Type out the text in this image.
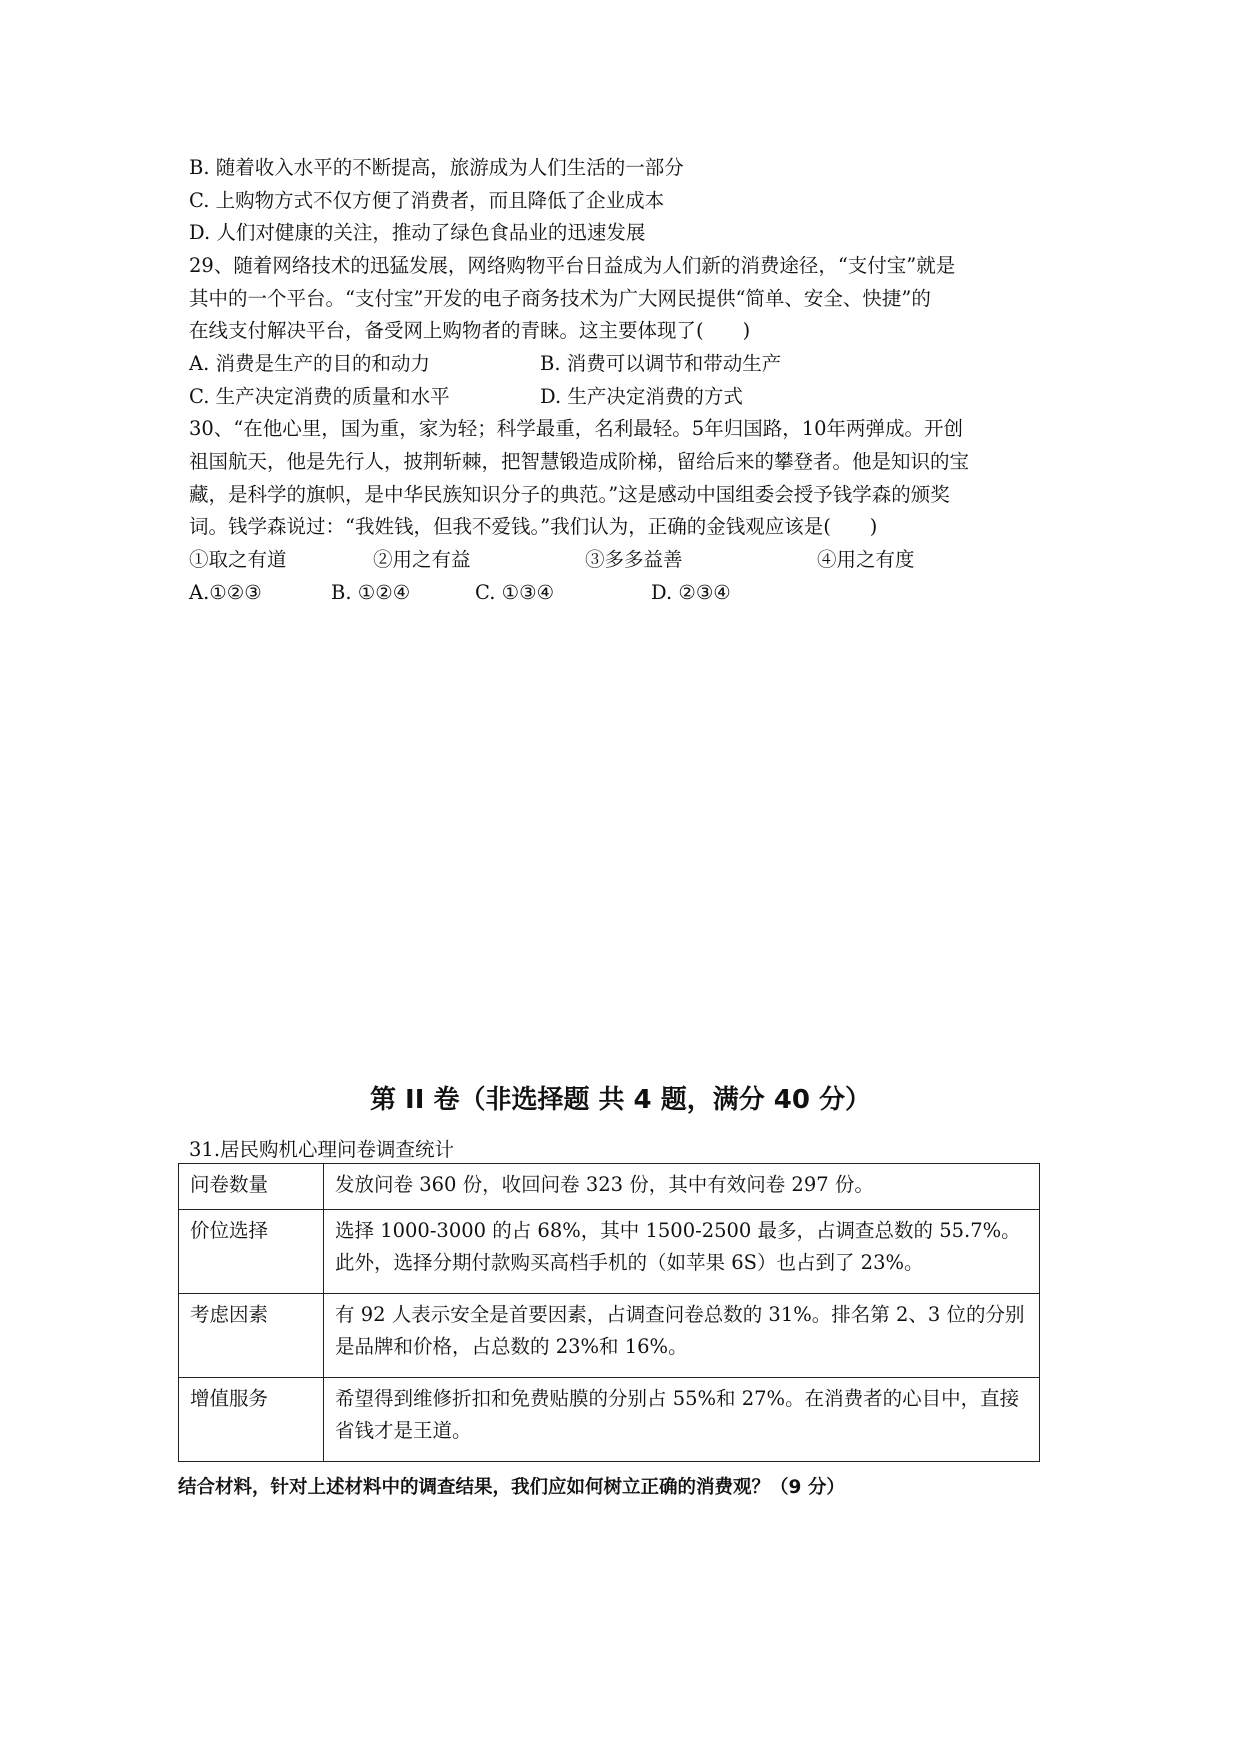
B. 随着收入水平的不断提高，旅游成为人们生活的一部分
C. 上购物方式不仅方便了消费者，而且降低了企业成本
D. 人们对健康的关注，推动了绿色食品业的迅速发展
29、随着网络技术的迅猛发展，网络购物平台日益成为人们新的消费途径，“支付宝”就是
其中的一个平台。“支付宝”开发的电子商务技术为广大网民提供“简单、安全、快捷”的
在线支付解决平台，备受网上购物者的青睐。这主要体现了(　　)
A. 消费是生产的目的和动力	B. 消费可以调节和带动生产
C. 生产决定消费的质量和水平	D. 生产决定消费的方式
30、“在他心里，国为重，家为轻；科学最重，名利最轻。5年归国路，10年两弹成。开创
祖国航天，他是先行人，披荆斩棘，把智慧锻造成阶梯，留给后来的攀登者。他是知识的宝
藏，是科学的旗帜，是中华民族知识分子的典范。”这是感动中国组委会授予钱学森的颁奖
词。钱学森说过：“我姓钱，但我不爱钱。”我们认为，正确的金钱观应该是(　　)
①取之有道	②用之有益	③多多益善	④用之有度
A.①②③	B. ①②④	C. ①③④	D. ②③④
第 II 卷（非选择题 共 4 题，满分 40 分）
31.居民购机心理问卷调查统计
问卷数量	发放问卷 360 份，收回问卷 323 份，其中有效问卷 297 份。
价位选择	选择 1000-3000 的占 68%，其中 1500-2500 最多，占调查总数的 55.7%。此外，选择分期付款购买高档手机的（如苹果 6S）也占到了 23%。
考虑因素	有 92 人表示安全是首要因素，占调查问卷总数的 31%。排名第 2、3 位的分别是品牌和价格，占总数的 23%和 16%。
增值服务	希望得到维修折扣和免费贴膜的分别占 55%和 27%。在消费者的心目中，直接省钱才是王道。
结合材料，针对上述材料中的调查结果，我们应如何树立正确的消费观？（9 分）
